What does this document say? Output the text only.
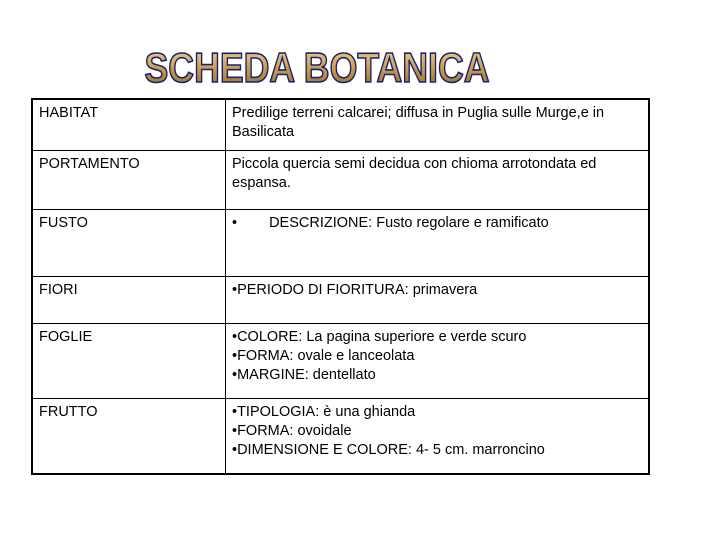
SCHEDA BOTANICA
HABITAT	Predilige terreni calcarei; diffusa in Puglia sulle Murge,e in Basilicata

PORTAMENTO	Piccola quercia semi decidua con chioma arrotondata ed espansa.

FUSTO	• DESCRIZIONE: Fusto regolare e ramificato

FIORI	•PERIODO DI FIORITURA: primavera

FOGLIE	•COLORE: La pagina superiore e verde scuro
•FORMA: ovale e lanceolata
•MARGINE: dentellato

FRUTTO	•TIPOLOGIA: è una ghianda
•FORMA: ovoidale
•DIMENSIONE E COLORE: 4- 5 cm. marroncino
